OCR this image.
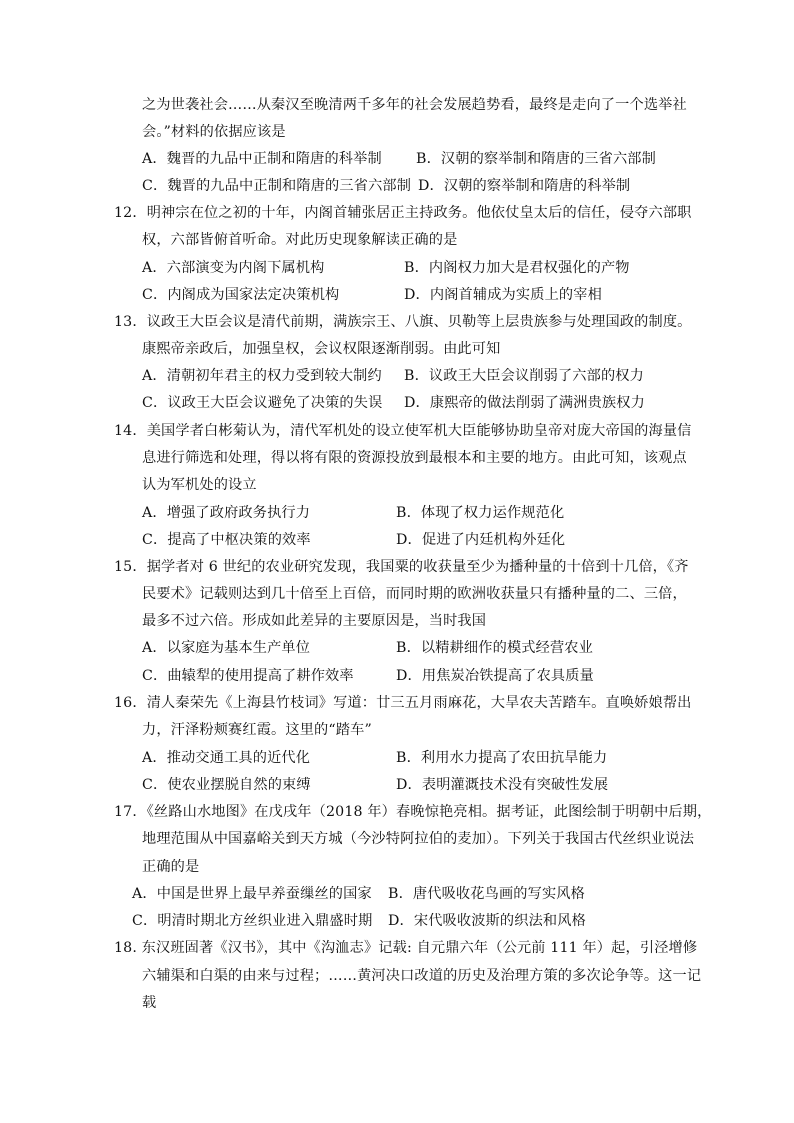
之为世袭社会……从秦汉至晚清两千多年的社会发展趋势看，最终是走向了一个选举社
会。”材料的依据应该是
A．魏晋的九品中正制和隋唐的科举制 B．汉朝的察举制和隋唐的三省六部制
C．魏晋的九品中正制和隋唐的三省六部制 D．汉朝的察举制和隋唐的科举制
12．明神宗在位之初的十年，内阁首辅张居正主持政务。他依仗皇太后的信任，侵夺六部职
权，六部皆俯首听命。对此历史现象解读正确的是
A．六部演变为内阁下属机构	B．内阁权力加大是君权强化的产物
C．内阁成为国家法定决策机构	D．内阁首辅成为实质上的宰相
13．议政王大臣会议是清代前期，满族宗王、八旗、贝勒等上层贵族参与处理国政的制度。
康熙帝亲政后，加强皇权，会议权限逐渐削弱。由此可知
A．清朝初年君主的权力受到较大制约 B．议政王大臣会议削弱了六部的权力
C．议政王大臣会议避免了决策的失误 D．康熙帝的做法削弱了满洲贵族权力
14．美国学者白彬菊认为，清代军机处的设立使军机大臣能够协助皇帝对庞大帝国的海量信
息进行筛选和处理，得以将有限的资源投放到最根本和主要的地方。由此可知，该观点
认为军机处的设立
A．增强了政府政务执行力	B．体现了权力运作规范化
C．提高了中枢决策的效率	D．促进了内廷机构外廷化
15．据学者对 6 世纪的农业研究发现，我国粟的收获量至少为播种量的十倍到十几倍，《齐
民要术》记载则达到几十倍至上百倍，而同时期的欧洲收获量只有播种量的二、三倍，
最多不过六倍。形成如此差异的主要原因是，当时我国
A．以家庭为基本生产单位	B．以精耕细作的模式经营农业
C．曲辕犁的使用提高了耕作效率	D．用焦炭冶铁提高了农具质量
16．清人秦荣先《上海县竹枝词》写道：廿三五月雨麻花，大旱农夫苦踏车。直唤娇娘帮出
力，汗泽粉颊赛红霞。这里的“踏车”
A．推动交通工具的近代化	B．利用水力提高了农田抗旱能力
C．使农业摆脱自然的束缚	D．表明灌溉技术没有突破性发展
17．《丝路山水地图》在戊戌年（2018 年）春晚惊艳亮相。据考证，此图绘制于明朝中后期，
地理范围从中国嘉峪关到天方城（今沙特阿拉伯的麦加）。下列关于我国古代丝织业说法
正确的是
A．中国是世界上最早养蚕缫丝的国家 B．唐代吸收花鸟画的写实风格
C．明清时期北方丝织业进入鼎盛时期 D．宋代吸收波斯的织法和风格
18. 东汉班固著《汉书》，其中《沟洫志》记载: 自元鼎六年（公元前 111 年）起，引泾增修
六辅渠和白渠的由来与过程；……黄河决口改道的历史及治理方策的多次论争等。这一记
载
